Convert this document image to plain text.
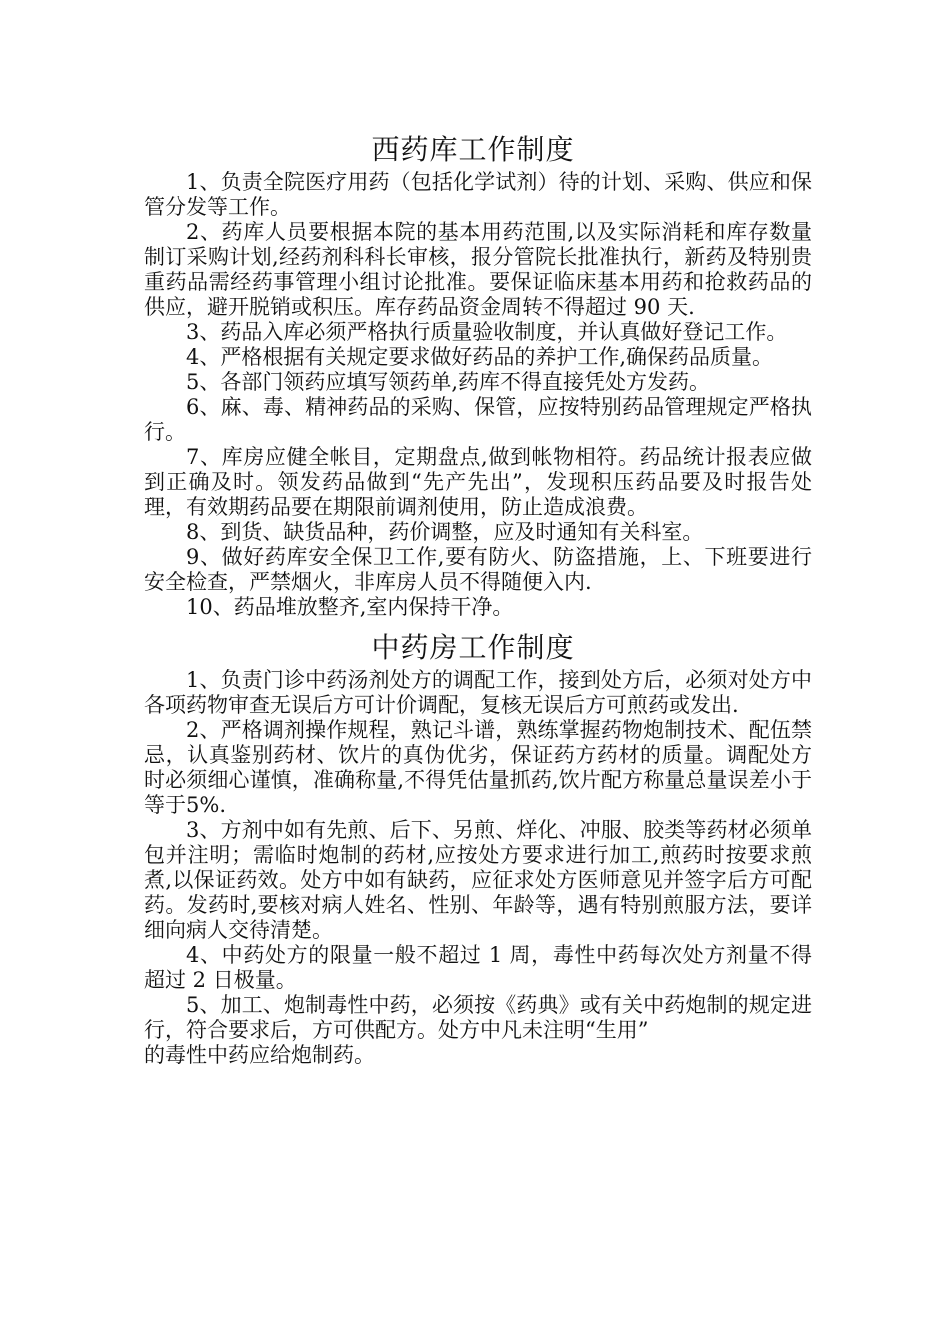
西药库工作制度

1、负责全院医疗用药（包括化学试剂）待的计划、采购、供应和保管分发等工作。

2、药库人员要根据本院的基本用药范围,以及实际消耗和库存数量制订采购计划,经药剂科科长审核，报分管院长批准执行，新药及特别贵重药品需经药事管理小组讨论批准。要保证临床基本用药和抢救药品的供应，避开脱销或积压。库存药品资金周转不得超过 90 天.

3、药品入库必须严格执行质量验收制度，并认真做好登记工作。

4、严格根据有关规定要求做好药品的养护工作,确保药品质量。

5、各部门领药应填写领药单,药库不得直接凭处方发药。

6、麻、毒、精神药品的采购、保管，应按特别药品管理规定严格执行。

7、库房应健全帐目，定期盘点,做到帐物相符。药品统计报表应做到正确及时。领发药品做到“先产先出”，发现积压药品要及时报告处理，有效期药品要在期限前调剂使用，防止造成浪费。

8、到货、缺货品种，药价调整，应及时通知有关科室。

9、做好药库安全保卫工作,要有防火、防盗措施，上、下班要进行安全检查，严禁烟火，非库房人员不得随便入内.

10、药品堆放整齐,室内保持干净。

中药房工作制度

1、负责门诊中药汤剂处方的调配工作，接到处方后，必须对处方中各项药物审查无误后方可计价调配，复核无误后方可煎药或发出.

2、严格调剂操作规程，熟记斗谱，熟练掌握药物炮制技术、配伍禁忌，认真鉴别药材、饮片的真伪优劣，保证药方药材的质量。调配处方时必须细心谨慎，准确称量,不得凭估量抓药,饮片配方称量总量误差小于等于5%.

3、方剂中如有先煎、后下、另煎、烊化、冲服、胶类等药材必须单包并注明；需临时炮制的药材,应按处方要求进行加工,煎药时按要求煎煮,以保证药效。处方中如有缺药，应征求处方医师意见并签字后方可配药。发药时,要核对病人姓名、性别、年龄等，遇有特别煎服方法，要详细向病人交待清楚。

4、中药处方的限量一般不超过 1 周，毒性中药每次处方剂量不得超过 2 日极量。

5、加工、炮制毒性中药，必须按《药典》或有关中药炮制的规定进行，符合要求后，方可供配方。处方中凡未注明“生用”

的毒性中药应给炮制药。
